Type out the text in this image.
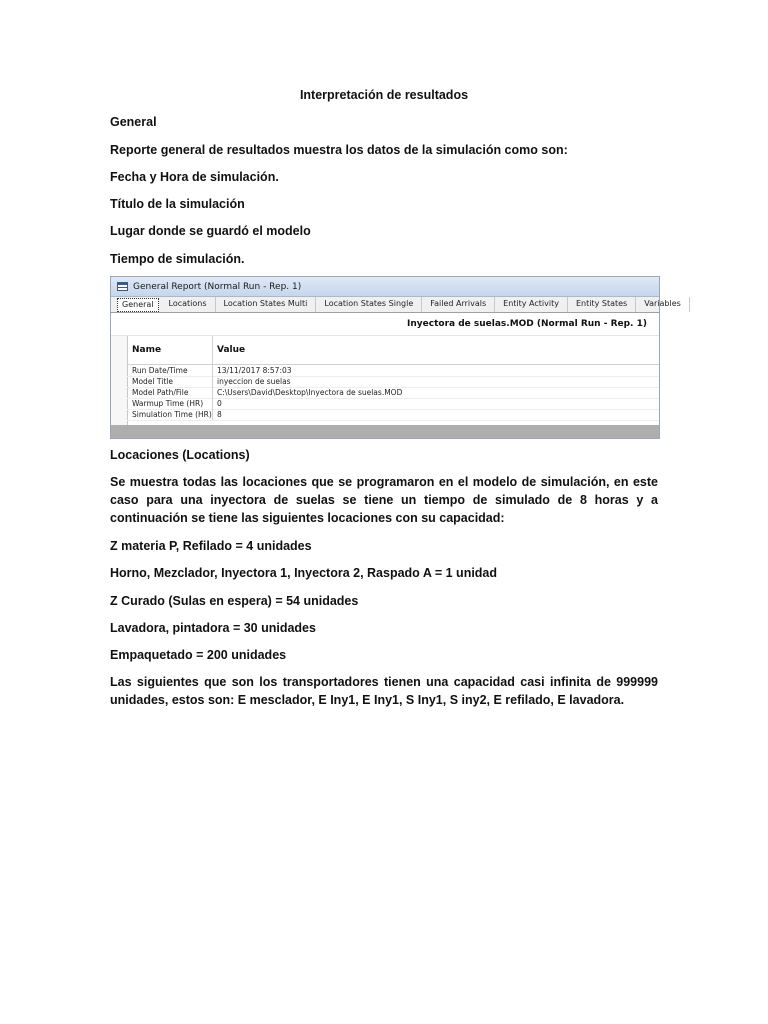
Interpretación de resultados

General

Reporte general de resultados muestra los datos de la simulación como son:

Fecha y Hora de simulación.

Título de la simulación

Lugar donde se guardó el modelo

Tiempo de simulación.

General Report (Normal Run - Rep. 1)
General	Locations	Location States Multi	Location States Single	Failed Arrivals	Entity Activity	Entity States	Variables
Inyectora de suelas.MOD (Normal Run - Rep. 1)
Name	Value
Run Date/Time	13/11/2017 8:57:03
Model Title	inyeccion de suelas
Model Path/File	C:\Users\David\Desktop\Inyectora de suelas.MOD
Warmup Time (HR)	0
Simulation Time (HR) 8

Locaciones (Locations)

Se muestra todas las locaciones que se programaron en el modelo de simulación, en este caso para una inyectora de suelas se tiene un tiempo de simulado de 8 horas y a continuación se tiene las siguientes locaciones con su capacidad:

Z materia P, Refilado = 4 unidades

Horno, Mezclador, Inyectora 1, Inyectora 2, Raspado A = 1 unidad

Z Curado (Sulas en espera) = 54 unidades

Lavadora, pintadora = 30 unidades

Empaquetado = 200 unidades

Las siguientes que son los transportadores tienen una capacidad casi infinita de 999999 unidades, estos son: E mesclador, E Iny1, E Iny1, S Iny1, S iny2, E refilado, E lavadora.
